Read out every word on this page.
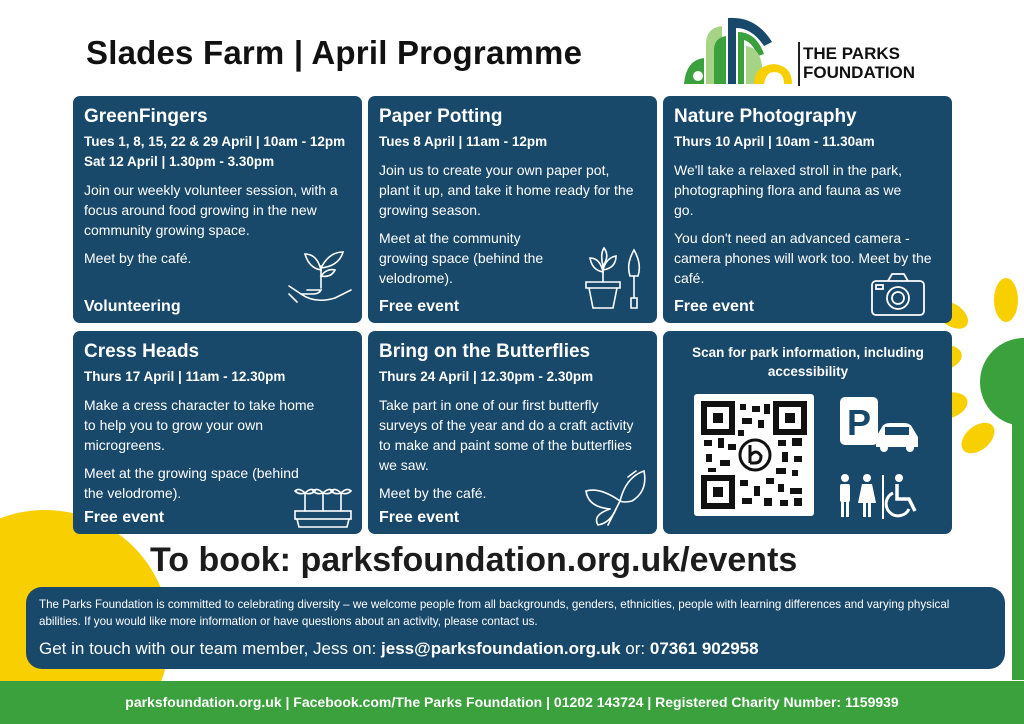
Slades Farm | April Programme	THE PARKS
FOUNDATION
GreenFingers
Tues 1, 8, 15, 22 & 29 April | 10am - 12pm
Sat 12 April | 1.30pm - 3.30pm

Join our weekly volunteer session, with a focus around food growing in the new community growing space.

Meet by the café.

Volunteering
Paper Potting
Tues 8 April | 11am - 12pm

Join us to create your own paper pot, plant it up, and take it home ready for the growing season.

Meet at the community growing space (behind the velodrome).

Free event
Nature Photography
Thurs 10 April | 10am - 11.30am

We'll take a relaxed stroll in the park, photographing flora and fauna as we go.

You don't need an advanced camera - camera phones will work too. Meet by the café.

Free event
Cress Heads
Thurs 17 April | 11am - 12.30pm

Make a cress character to take home to help you to grow your own microgreens.

Meet at the growing space (behind the velodrome).

Free event
Bring on the Butterflies
Thurs 24 April | 12.30pm - 2.30pm

Take part in one of our first butterfly surveys of the year and do a craft activity to make and paint some of the butterflies we saw.

Meet by the café.

Free event
Scan for park information, including accessibility
P
To book: parksfoundation.org.uk/events
The Parks Foundation is committed to celebrating diversity – we welcome people from all backgrounds, genders, ethnicities, people with learning differences and varying physical abilities. If you would like more information or have questions about an activity, please contact us.
Get in touch with our team member, Jess on: jess@parksfoundation.org.uk or: 07361 902958
parksfoundation.org.uk | Facebook.com/The Parks Foundation | 01202 143724 | Registered Charity Number: 1159939
